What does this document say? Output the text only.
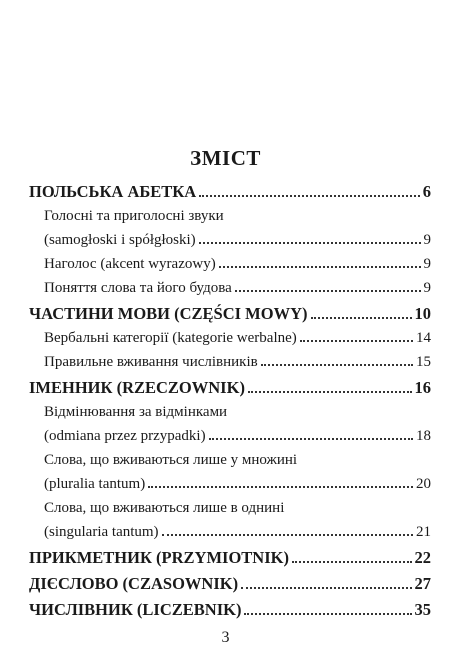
ЗМІСТ
ПОЛЬСЬКА АБЕТКА	6
Голосні та приголосні звуки
(samogłoski i spółgłoski)	9
Наголос (akcent wyrazowy)	9
Поняття слова та його будова	9
ЧАСТИНИ МОВИ (CZĘŚCI MOWY)	10
Вербальні категорії (kategorie werbalne)	14
Правильне вживання числівників	15
ІМЕННИК (RZECZOWNIK)	16
Відмінювання за відмінками
(odmiana przez przypadki)	18
Слова, що вживаються лише у множині
(pluralia tantum)	20
Слова, що вживаються лише в однині
(singularia tantum)	21
ПРИКМЕТНИК (PRZYMIOTNIK)	22
ДІЄСЛОВО (CZASOWNIK)	27
ЧИСЛІВНИК (LICZEBNIK)	35
3
